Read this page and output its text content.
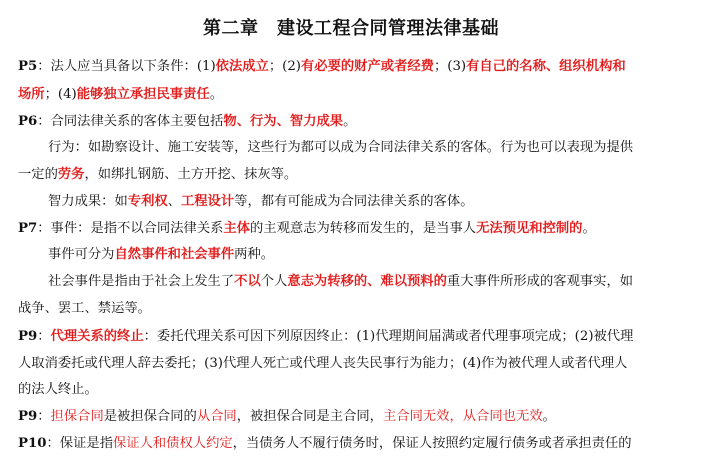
第二章　建设工程合同管理法律基础
P5：法人应当具备以下条件：(1)依法成立；(2)有必要的财产或者经费；(3)有自己的名称、组织机构和
场所；(4)能够独立承担民事责任。
P6：合同法律关系的客体主要包括物、行为、智力成果。
行为：如勘察设计、施工安装等，这些行为都可以成为合同法律关系的客体。行为也可以表现为提供
一定的劳务，如绑扎钢筋、土方开挖、抹灰等。
智力成果：如专利权、工程设计等，都有可能成为合同法律关系的客体。
P7：事件：是指不以合同法律关系主体的主观意志为转移而发生的，是当事人无法预见和控制的。
事件可分为自然事件和社会事件两种。
社会事件是指由于社会上发生了不以个人意志为转移的、难以预料的重大事件所形成的客观事实，如
战争、罢工、禁运等。
P9：代理关系的终止：委托代理关系可因下列原因终止：(1)代理期间届满或者代理事项完成；(2)被代理
人取消委托或代理人辞去委托；(3)代理人死亡或代理人丧失民事行为能力；(4)作为被代理人或者代理人
的法人终止。
P9：担保合同是被担保合同的从合同，被担保合同是主合同，主合同无效，从合同也无效。
P10：保证是指保证人和债权人约定，当债务人不履行债务时，保证人按照约定履行债务或者承担责任的
